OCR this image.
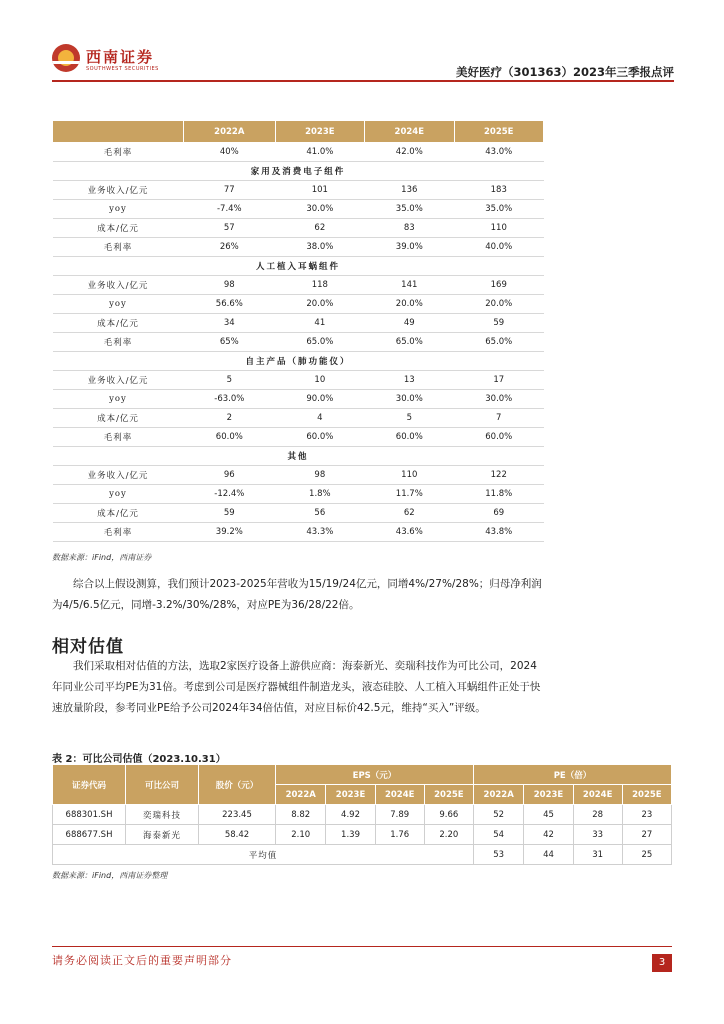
西南证券
SOUTHWEST SECURITIES	美好医疗（301363）2023年三季报点评
	2022A	2023E	2024E	2025E
毛利率	40%	41.0%	42.0%	43.0%
家用及消费电子组件				
业务收入/亿元	77	101	136	183
yoy	-7.4%	30.0%	35.0%	35.0%
成本/亿元	57	62	83	110
毛利率	26%	38.0%	39.0%	40.0%
人工植入耳蜗组件				
业务收入/亿元	98	118	141	169
yoy	56.6%	20.0%	20.0%	20.0%
成本/亿元	34	41	49	59
毛利率	65%	65.0%	65.0%	65.0%
自主产品（肺功能仪）				
业务收入/亿元	5	10	13	17
yoy	-63.0%	90.0%	30.0%	30.0%
成本/亿元	2	4	5	7
毛利率	60.0%	60.0%	60.0%	60.0%
其他				
业务收入/亿元	96	98	110	122
yoy	-12.4%	1.8%	11.7%	11.8%
成本/亿元	59	56	62	69
毛利率	39.2%	43.3%	43.6%	43.8%
数据来源：iFind，西南证券

综合以上假设测算，我们预计2023-2025年营收为15/19/24亿元，同增4%/27%/28%；归母净利润为4/5/6.5亿元，同增-3.2%/30%/28%，对应PE为36/28/22倍。

相对估值

我们采取相对估值的方法，选取2家医疗设备上游供应商：海泰新光、奕瑞科技作为可比公司，2024年同业公司平均PE为31倍。考虑到公司是医疗器械组件制造龙头，液态硅胶、人工植入耳蜗组件正处于快速放量阶段，参考同业PE给予公司2024年34倍估值，对应目标价42.5元，维持“买入”评级。

表 2：可比公司估值（2023.10.31）
证券代码	可比公司	股价（元）	EPS（元）				PE（倍）			
			2022A	2023E	2024E	2025E	2022A	2023E	2024E	2025E
688301.SH	奕瑞科技	223.45	8.82	4.92	7.89	9.66	52	45	28	23
688677.SH	海泰新光	58.42	2.10	1.39	1.76	2.20	54	42	33	27
平均值							53	44	31	25
数据来源：iFind，西南证券整理
请务必阅读正文后的重要声明部分	3
